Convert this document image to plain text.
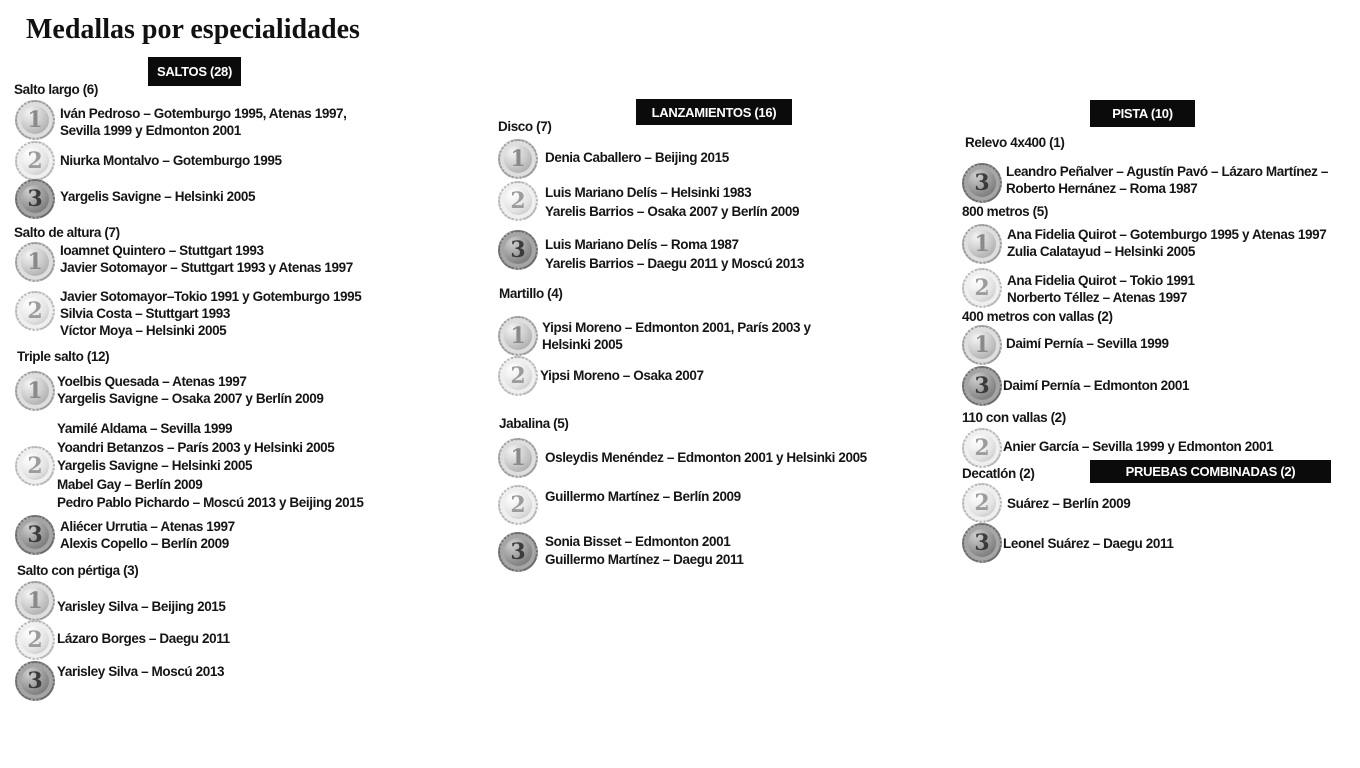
Medallas por especialidades
SALTOS (28)
LANZAMIENTOS (16)	PISTA (10)
PRUEBAS COMBINADAS (2)
Salto largo (6)
1 Iván Pedroso – Gotemburgo 1995, Atenas 1997,
Sevilla 1999 y Edmonton 2001
2 Niurka Montalvo – Gotemburgo 1995
3 Yargelis Savigne – Helsinki 2005
Salto de altura (7)
1 Ioamnet Quintero – Stuttgart 1993
Javier Sotomayor – Stuttgart 1993 y Atenas 1997
2
Javier Sotomayor–Tokio 1991 y Gotemburgo 1995
Silvia Costa – Stuttgart 1993
Víctor Moya – Helsinki 2005
Triple salto (12)
1 Yoelbis Quesada – Atenas 1997
Yargelis Savigne – Osaka 2007 y Berlín 2009
2
Yamilé Aldama – Sevilla 1999
Yoandri Betanzos – París 2003 y Helsinki 2005
Yargelis Savigne – Helsinki 2005
Mabel Gay – Berlín 2009
Pedro Pablo Pichardo – Moscú 2013 y Beijing 2015
3 Aliécer Urrutia – Atenas 1997
Alexis Copello – Berlín 2009
Salto con pértiga (3)
1 Yarisley Silva – Beijing 2015
2 Lázaro Borges – Daegu 2011
3 Yarisley Silva – Moscú 2013
Disco (7)
1 Denia Caballero – Beijing 2015
2 Luis Mariano Delís – Helsinki 1983
Yarelis Barrios – Osaka 2007 y Berlín 2009
3 Luis Mariano Delís – Roma 1987
Yarelis Barrios – Daegu 2011 y Moscú 2013
Martillo (4)
1 Yipsi Moreno – Edmonton 2001, París 2003 y
Helsinki 2005
2 Yipsi Moreno – Osaka 2007
Jabalina (5)
1 Osleydis Menéndez – Edmonton 2001 y Helsinki 2005
2 Guillermo Martínez – Berlín 2009
3 Sonia Bisset – Edmonton 2001
Guillermo Martínez – Daegu 2011
Relevo 4x400 (1)
3 Leandro Peñalver – Agustín Pavó – Lázaro Martínez –
Roberto Hernánez – Roma 1987
800 metros (5)
1 Ana Fidelia Quirot – Gotemburgo 1995 y Atenas 1997
Zulia Calatayud – Helsinki 2005
2 Ana Fidelia Quirot – Tokio 1991
Norberto Téllez – Atenas 1997
400 metros con vallas (2)
1 Daimí Pernía – Sevilla 1999
3 Daimí Pernía – Edmonton 2001
110 con vallas (2)
2 Anier García – Sevilla 1999 y Edmonton 2001
Decatlón (2)
2 Suárez – Berlín 2009
3 Leonel Suárez – Daegu 2011
